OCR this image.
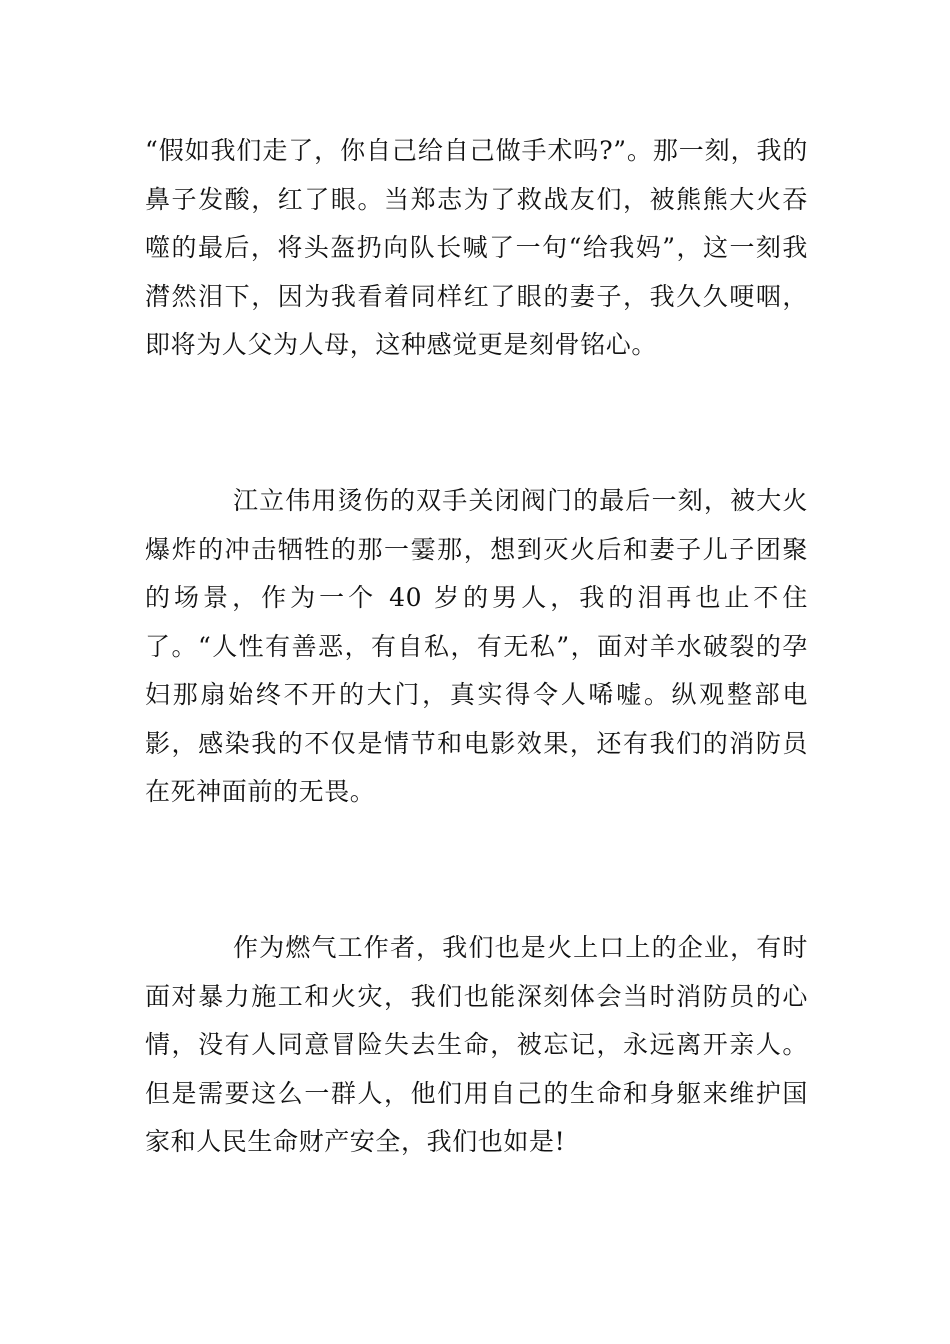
“假如我们走了，你自己给自己做手术吗?”。那一刻，我的鼻子发酸，红了眼。当郑志为了救战友们，被熊熊大火吞噬的最后，将头盔扔向队长喊了一句“给我妈”，这一刻我潸然泪下，因为我看着同样红了眼的妻子，我久久哽咽，即将为人父为人母，这种感觉更是刻骨铭心。

江立伟用烫伤的双手关闭阀门的最后一刻，被大火爆炸的冲击牺牲的那一霎那，想到灭火后和妻子儿子团聚的场景，作为一个 40 岁的男人，我的泪再也止不住了。“人性有善恶，有自私，有无私”，面对羊水破裂的孕妇那扇始终不开的大门，真实得令人唏嘘。纵观整部电影，感染我的不仅是情节和电影效果，还有我们的消防员在死神面前的无畏。

作为燃气工作者，我们也是火上口上的企业，有时面对暴力施工和火灾，我们也能深刻体会当时消防员的心情，没有人同意冒险失去生命，被忘记，永远离开亲人。但是需要这么一群人，他们用自己的生命和身躯来维护国家和人民生命财产安全，我们也如是!
